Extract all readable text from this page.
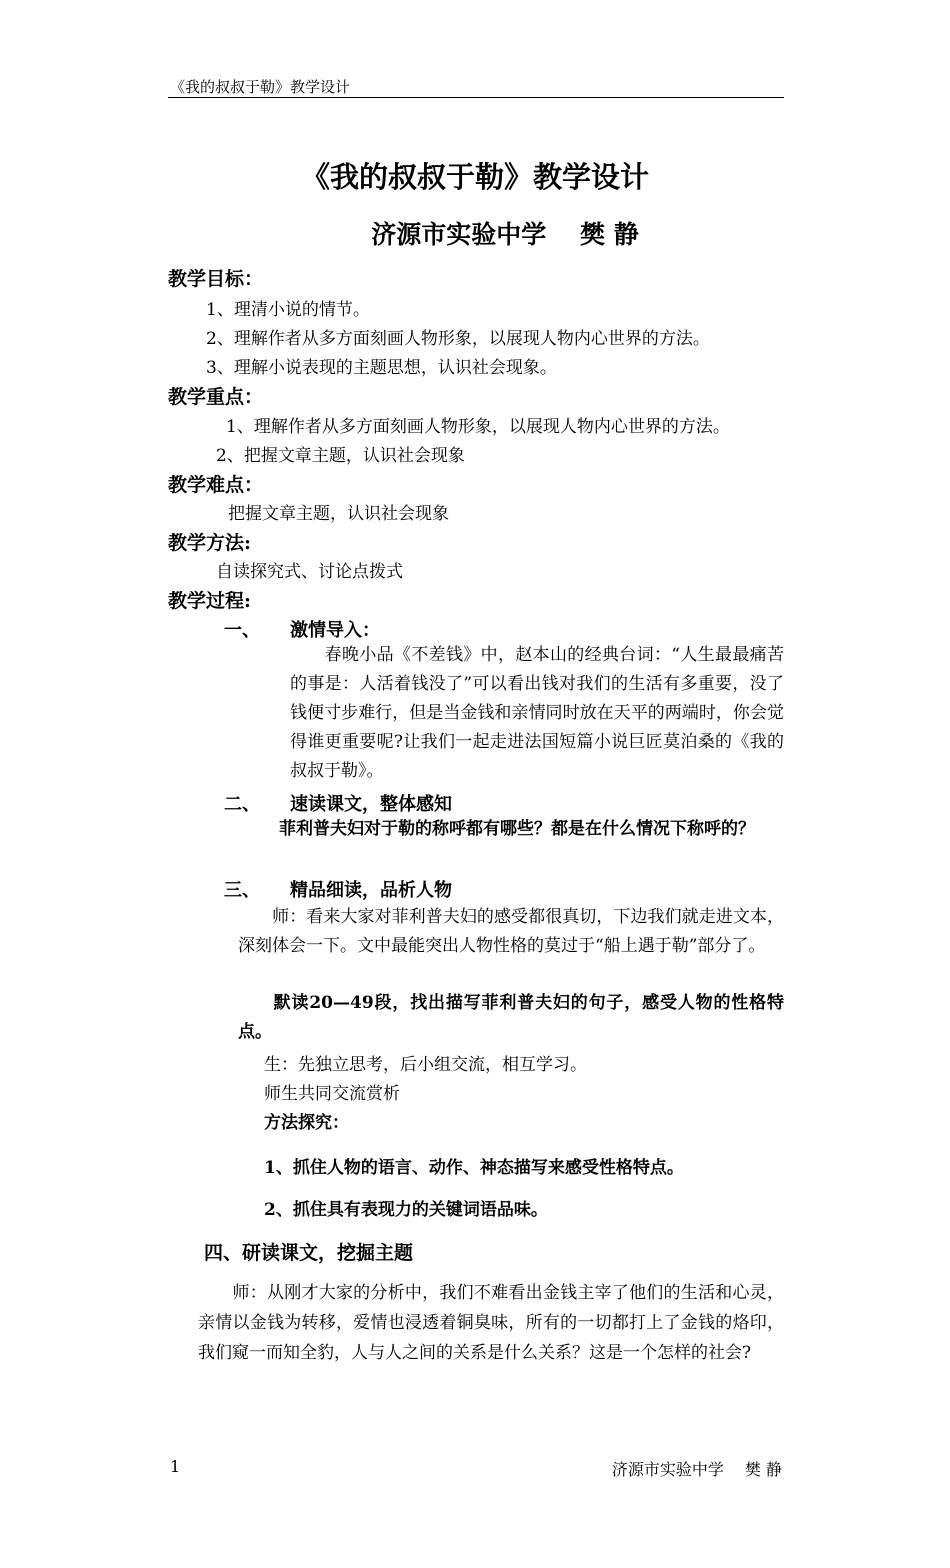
《我的叔叔于勒》教学设计
《我的叔叔于勒》教学设计
济源市实验中学　 樊 静
教学目标：
1、理清小说的情节。
2、理解作者从多方面刻画人物形象，以展现人物内心世界的方法。
3、理解小说表现的主题思想，认识社会现象。
教学重点：
1、理解作者从多方面刻画人物形象，以展现人物内心世界的方法。
2、把握文章主题，认识社会现象
教学难点：
把握文章主题，认识社会现象
教学方法:
自读探究式、讨论点拨式
教学过程:
一、 激情导入：
　　春晚小品《不差钱》中，赵本山的经典台词：“人生最最痛苦的事是：人活着钱没了”可以看出钱对我们的生活有多重要，没了钱便寸步难行，但是当金钱和亲情同时放在天平的两端时，你会觉得谁更重要呢?让我们一起走进法国短篇小说巨匠莫泊桑的《我的叔叔于勒》。
二、 速读课文，整体感知
　菲利普夫妇对于勒的称呼都有哪些？都是在什么情况下称呼的？
三、 精品细读，品析人物
　　师：看来大家对菲利普夫妇的感受都很真切，下边我们就走进文本，深刻体会一下。文中最能突出人物性格的莫过于“船上遇于勒”部分了。
　　默读20—49段，找出描写菲利普夫妇的句子，感受人物的性格特点。
生：先独立思考，后小组交流，相互学习。
师生共同交流赏析
方法探究：
1、抓住人物的语言、动作、神态描写来感受性格特点。
2、抓住具有表现力的关键词语品味。
四、研读课文，挖掘主题
　　师：从刚才大家的分析中，我们不难看出金钱主宰了他们的生活和心灵，亲情以金钱为转移，爱情也浸透着铜臭味，所有的一切都打上了金钱的烙印，我们窥一而知全豹，人与人之间的关系是什么关系？这是一个怎样的社会?
1	济源市实验中学　 樊 静
